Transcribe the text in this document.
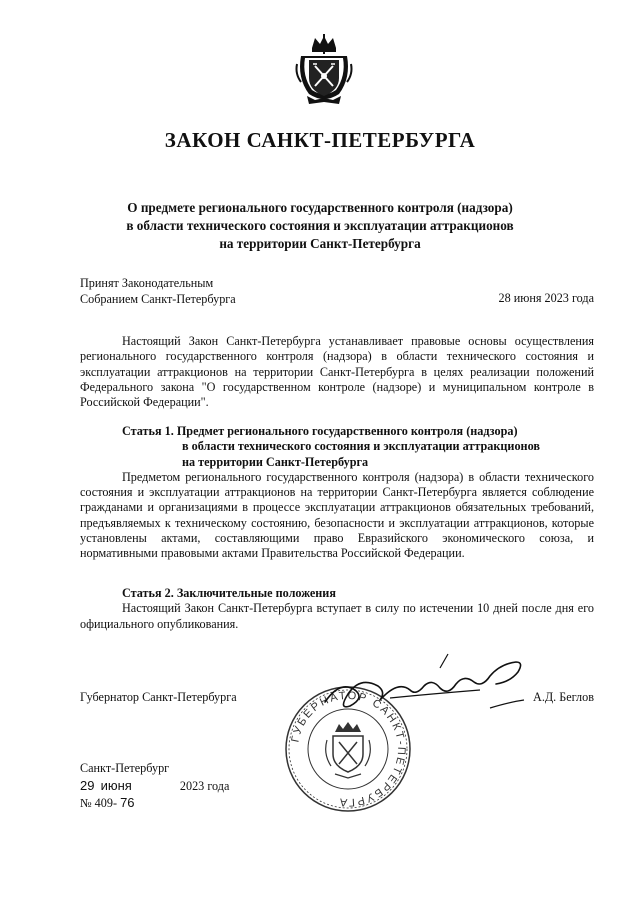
ЗАКОН САНКТ-ПЕТЕРБУРГА
О предмете регионального государственного контроля (надзора)
в области технического состояния и эксплуатации аттракционов
на территории Санкт-Петербурга
Принят Законодательным
Собранием Санкт-Петербурга	28 июня 2023 года

Настоящий Закон Санкт-Петербурга устанавливает правовые основы осуществления регионального государственного контроля (надзора) в области технического состояния и эксплуатации аттракционов на территории Санкт-Петербурга в целях реализации положений Федерального закона "О государственном контроле (надзоре) и муниципальном контроле в Российской Федерации".

Статья 1. Предмет регионального государственного контроля (надзора)
в области технического состояния и эксплуатации аттракционов
на территории Санкт-Петербурга

Предметом регионального государственного контроля (надзора) в области технического состояния и эксплуатации аттракционов на территории Санкт-Петербурга является соблюдение гражданами и организациями в процессе эксплуатации аттракционов обязательных требований, предъявляемых к техническому состоянию, безопасности и эксплуатации аттракционов, которые установлены актами, составляющими право Евразийского экономического союза, и нормативными правовыми актами Правительства Российской Федерации.

Статья 2. Заключительные положения

Настоящий Закон Санкт-Петербурга вступает в силу по истечении 10 дней после дня его официального опубликования.

Губернатор Санкт-Петербурга	А.Д. Беглов
ГУБЕРНАТОР САНКТ-ПЕТЕРБУРГА
Санкт-Петербург
29 июня	2023 года
№ 409- 76
